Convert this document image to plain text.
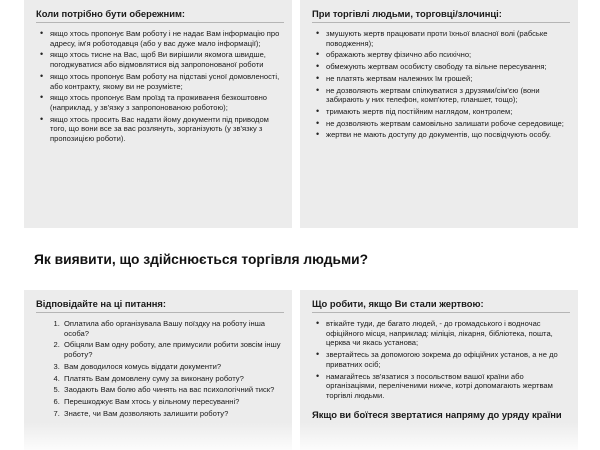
Коли потрібно бути обережним:
• якщо хтось пропонує Вам роботу і не надає Вам інформацію про адресу, ім'я роботодавця (або у вас дуже мало інформації);
• якщо хтось тисне на Вас, щоб Ви вирішили якомога швидше, погоджуватися або відмовлятися від запропонованої роботи
• якщо хтось пропонує Вам роботу на підставі усної домовленості, або контракту, якому ви не розумієте;
• якщо хтось пропонує Вам проїзд та проживання безкоштовно (наприклад, у зв'язку з запропонованою роботою);
• якщо хтось просить Вас надати йому документи під приводом того, що вони все за вас розлянуть, зорганізують (у зв'язку з пропозицією роботи).
При торгівлі людьми, торговці/злочинці:
• змушують жертв працювати проти їхньої власної волі (рабське поводження);
• ображають жертву фізично або психічно;
• обмежують жертвам особисту свободу та вільне пересування;
• не платять жертвам належних їм грошей;
• не дозволяють жертвам спілкуватися з друзями/сім'єю (вони забирають у них телефон, комп'ютер, планшет, тощо);
• тримають жертв під постійним наглядом, контролем;
• не дозволяють жертвам самовільно залишати робоче середовище;
• жертви не мають доступу до документів, що посвідчують особу.
Як виявити, що здійснюється торгівля людьми?
Відповідайте на ці питання:
1. Оплатила або організувала Вашу поїздку на роботу інша особа?
2. Обіцяли Вам одну роботу, але примусили робити зовсім іншу роботу?
3. Вам доводилося комусь віддати документи?
4. Платять Вам домовлену суму за виконану роботу?
5. Заодають Вам болю або чинять на вас психологічний тиск?
6. Перешкоджує Вам хтось у вільному пересуванні?
7. Знаєте, чи Вам дозволяють залишити роботу?
Що робити, якщо Ви стали жертвою:
• втікайте туди, де багато людей, - до громадського і водночас офіційного місця, наприклад: міліція, лікарня, бібліотека, пошта, церква чи якась установа;
• звертайтесь за допомогою зокрема до офіційних установ, а не до приватних осіб;
• намагайтесь зв'язатися з посольством вашої країни або організаціями, переліченими нижче, котрі допомагають жертвам торгівлі людьми.
Якщо ви боїтеся звертатися напряму до уряду країни
